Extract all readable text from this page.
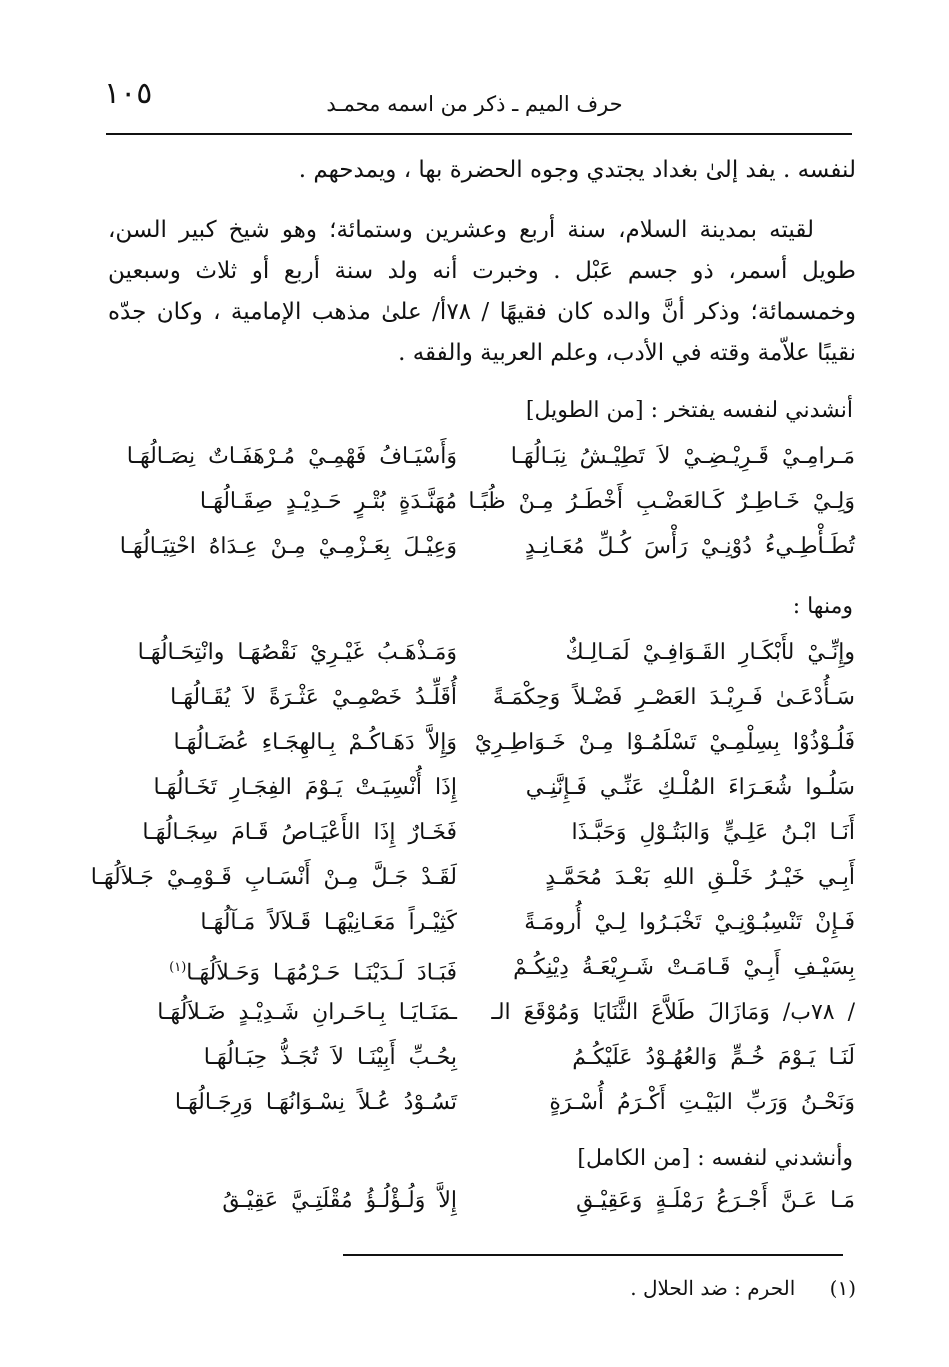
١٠٥	حرف الميم ـ ذكر من اسمه محمـد

لنفسه . يفد إلىٰ بغداد يجتدي وجوه الحضرة بها ، ويمدحهم .

لقيته بمدينة السلام، سنة أربع وعشرين وستمائة؛ وهو شيخ كبير السن، طويل أسمر، ذو جسم عَبْل . وخبرت أنه ولد سنة أربع أو ثلاث وسبعين وخمسمائة؛ وذكر أنَّ والده كان فقيهًا / ٧٨أ/ علىٰ مذهب الإمامية ، وكان جدّه نقيبًا علاّمة وقته في الأدب، وعلم العربية والفقه .

أنشدني لنفسه يفتخر : [من الطويل]
مَـرامِـيْ قَـرِيْـضِـيْ لاَ تَطِيْـشُ نِبَـالُهَـا
وَأَسْيَـافُ فَهْمِـيْ مُـرْهَفَـاتٌ نِصَـالُهَـا
وَلِـيْ خَـاطِـرٌ كَـالعَضْـبِ أَخْطَـرُ مِـنْ ظُبًـا
مُهَنَّـدَةٍ بُتْـرٍ حَـدِيْـدٍ صِقَـالُهَـا
تُطَـأْطِـيءُ دُوْنِـيْ رَأْسَ كُـلِّ مُعَـانِـدٍ
وَعِيْـلَ بِعَـزْمِـيْ مِـنْ عِـدَاهُ احْتِيَـالُهَـا
ومنها :
وإِنِّـيْ لأَبْكَـارِ القَـوَافِـيْ لَمَـالِـكٌ
وَمَـذْهَـبُ غَيْـرِيْ نَقْصُهَـا وانْتِحَـالُهَـا
سَـأُدْعَـىٰ فَـرِيْـدَ العَصْـرِ فَضْـلاً وَحِكْمَـةً
أُقَلِّـدُ خَصْمِـيْ عَثْـرَةً لاَ يُقَـالُهَـا
فَلُـوْذُوْا بِسِلْمِـيْ تَسْلَمُـوْا مِـنْ خَـوَاطِـرِيْ
وَإِلاَّ دَهَـاكُـمْ بِـالهِجَـاءِ عُضَـالُهَـا
سَلُـوا شُعَـرَاءَ المُلْـكِ عَنِّـي فَـإِنَّنِـي
إِذَا أُنْسِيَـتْ يَـوْمَ الفِجَـارِ تَخَـالُهَـا
أَنَـا ابْـنُ عَلِـيٍّ وَالبَتُـوْلِ وَحَبَّـذَا
فَخَـارٌ إِذَا الأَعْيَـاصُ قَـامَ سِجَـالُهَـا
أَبِـي خَيْـرُ خَلْـقِ اللهِ بَعْـدَ مُحَمَّـدٍ
لَقَـدْ جَـلَّ مِـنْ أَنْسَـابِ قَـوْمِـيْ جَـلاَلُهَـا
فَـإِنْ تَنْسِبُـوْنِـيْ تَخْبَـرُوا لِـيْ أُرومَـةً
كَثِيْـراً مَعَـانِيْهَـا قَـلاَلاً مَـآلُهَـا
بِسَيْـفِ أَبِـيْ قَـامَـتْ شَـرِيْعَـةُ دِيْنِكُـمْ
فَبَـادَ لَـدَيْنَـا حَـرْمُهَـا وَحَـلاَلُهَـا$^{(١)}$
/ ٧٨ب/ وَمَازَالَ طَلاَّعَ الثَّنَايَا وَمُوْقَعَ الـ
ـمَنَـايَـا بِـاحَـرانِ شَـدِيْـدٍ ضَـلاَلُهَـا
لَنَـا يَـوْمَ خُـمٍّ وَالعُهُـوْدُ عَلَيْكُـمُ
بِحُـبِّ أَبِيْنَـا لاَ تُجَـذُّ حِبَـالُهَـا
وَنَحْـنُ وَرَبِّ البَيْـتِ أَكْـرَمُ أُسْـرَةٍ
تَسُـوْدُ عُـلاً نِسْـوَانُهَـا وَرِجَـالُهَـا
وأنشدني لنفسه : [من الكامل]
مَـا عَـنَّ أَجْـرَعُ رَمْلَـةٍ وَعَقِيْـقِ
إِلاَّ وَلُـؤْلُـؤُ مُقْلَتِـيَّ عَقِيْـقُ
(١) الحرم : ضد الحلال .
